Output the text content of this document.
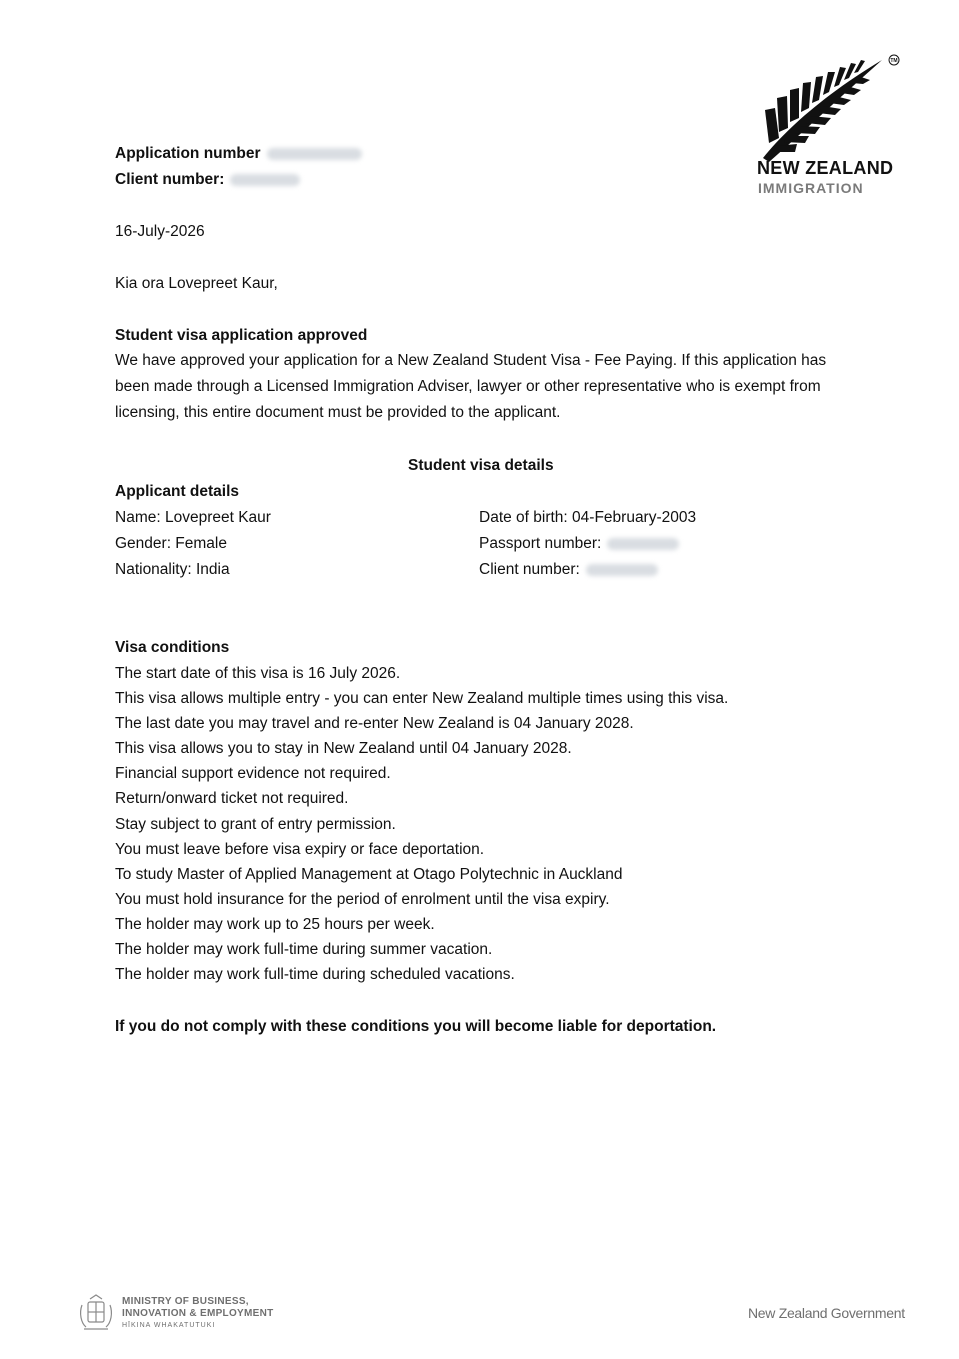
TM
NEW ZEALAND
IMMIGRATION
Application number
Client number:
16-July-2026
Kia ora Lovepreet Kaur,
Student visa application approved
We have approved your application for a New Zealand Student Visa - Fee Paying. If this application has been made through a Licensed Immigration Adviser, lawyer or other representative who is exempt from licensing, this entire document must be provided to the applicant.
Student visa details
Applicant details
Name: Lovepreet Kaur
Gender: Female
Nationality: India
Date of birth: 04-February-2003
Passport number:
Client number:
Visa conditions
The start date of this visa is 16 July 2026.
This visa allows multiple entry - you can enter New Zealand multiple times using this visa.
The last date you may travel and re-enter New Zealand is 04 January 2028.
This visa allows you to stay in New Zealand until 04 January 2028.
Financial support evidence not required.
Return/onward ticket not required.
Stay subject to grant of entry permission.
You must leave before visa expiry or face deportation.
To study Master of Applied Management at Otago Polytechnic in Auckland
You must hold insurance for the period of enrolment until the visa expiry.
The holder may work up to 25 hours per week.
The holder may work full-time during summer vacation.
The holder may work full-time during scheduled vacations.
If you do not comply with these conditions you will become liable for deportation.
MINISTRY OF BUSINESS,
INNOVATION & EMPLOYMENT
HĪKINA WHAKATUTUKI
New Zealand Government
